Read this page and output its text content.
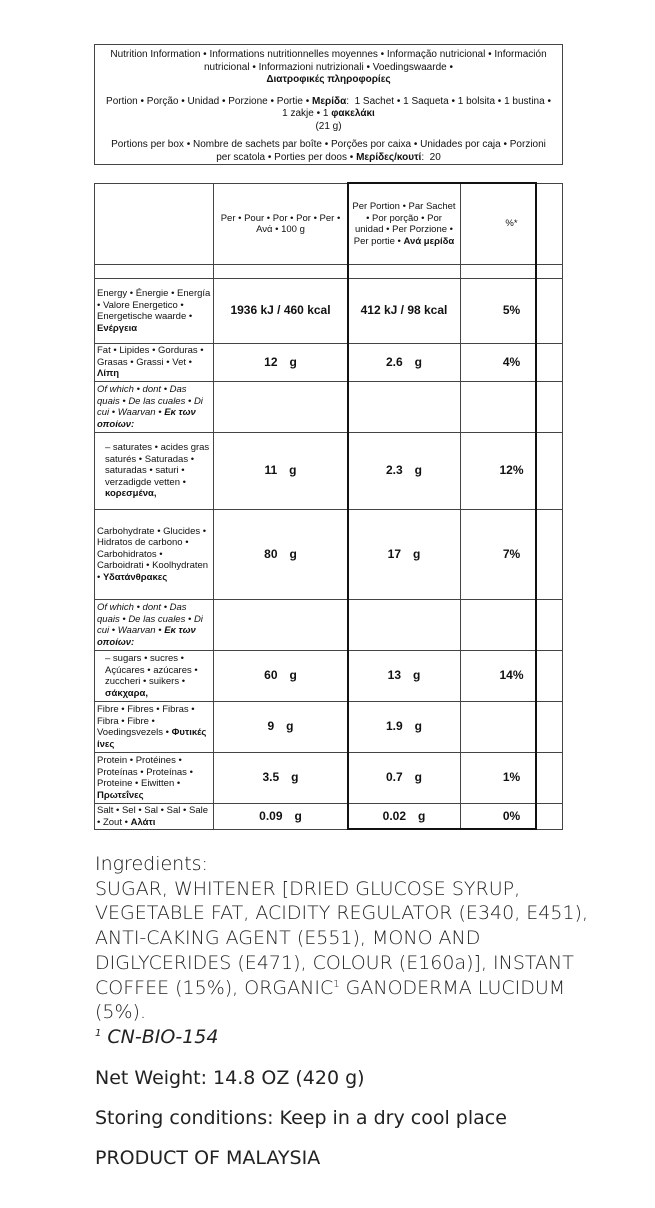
Nutrition Information • Informations nutritionnelles moyennes • Informação nutricional • Información nutricional • Informazioni nutrizionali • Voedingswaarde •
Διατροφικές πληροφορίες
Portion • Porção • Unidad • Porzione • Portie • Μερίδα:  1 Sachet • 1 Saqueta • 1 bolsita • 1 bustina • 1 zakje • 1 φακελάκι
(21 g)
Portions per box • Nombre de sachets par boîte • Porções por caixa • Unidades por caja • Porzioni per scatola • Porties per doos • Μερίδες/κουτί:  20
	Per • Pour • Por • Por • Per • Ανά • 100 g	Per Portion • Par Sachet • Por porção • Por unidad • Per Porzione • Per portie • Ανά μερίδα	%*

Energy • Énergie • Energía • Valore Energetico • Energetische waarde • Ενέργεια	1936 kJ / 460 kcal	412 kJ / 98 kcal	5%
Fat • Lipides • Gorduras • Grasas • Grassi • Vet • Λίπη	12 g	2.6 g	4%
Of which • dont • Das quais • De las cuales • Di cui • Waarvan • Εκ των οποίων:			
– saturates • acides gras saturés • Saturadas • saturadas • saturi • verzadigde vetten • κορεσμένα,	11 g	2.3 g	12%
Carbohydrate • Glucides • Hidratos de carbono • Carbohidratos • Carboidrati • Koolhydraten • Υδατάνθρακες	80 g	17 g	7%
Of which • dont • Das quais • De las cuales • Di cui • Waarvan • Εκ των οποίων:			
– sugars • sucres • Açúcares • azúcares • zuccheri • suikers • σάκχαρα,	60 g	13 g	14%
Fibre • Fibres • Fibras • Fibra • Fibre • Voedingsvezels • Φυτικές ίνες	9 g	1.9 g	
Protein • Protéines • Proteínas • Proteínas • Proteine • Eiwitten • Πρωτεΐνες	3.5 g	0.7 g	1%
Salt • Sel • Sal • Sal • Sale • Zout • Αλάτι	0.09 g	0.02 g	0%
Ingredients:
SUGAR, WHITENER [DRIED GLUCOSE SYRUP, VEGETABLE FAT, ACIDITY REGULATOR (E340, E451), ANTI-CAKING AGENT (E551), MONO AND DIGLYCERIDES (E471), COLOUR (E160a)], INSTANT COFFEE (15%), ORGANIC$^1$ GANODERMA LUCIDUM (5%).
$^1$ CN-BIO-154
Net Weight: 14.8 OZ (420 g)
Storing conditions: Keep in a dry cool place
PRODUCT OF MALAYSIA
